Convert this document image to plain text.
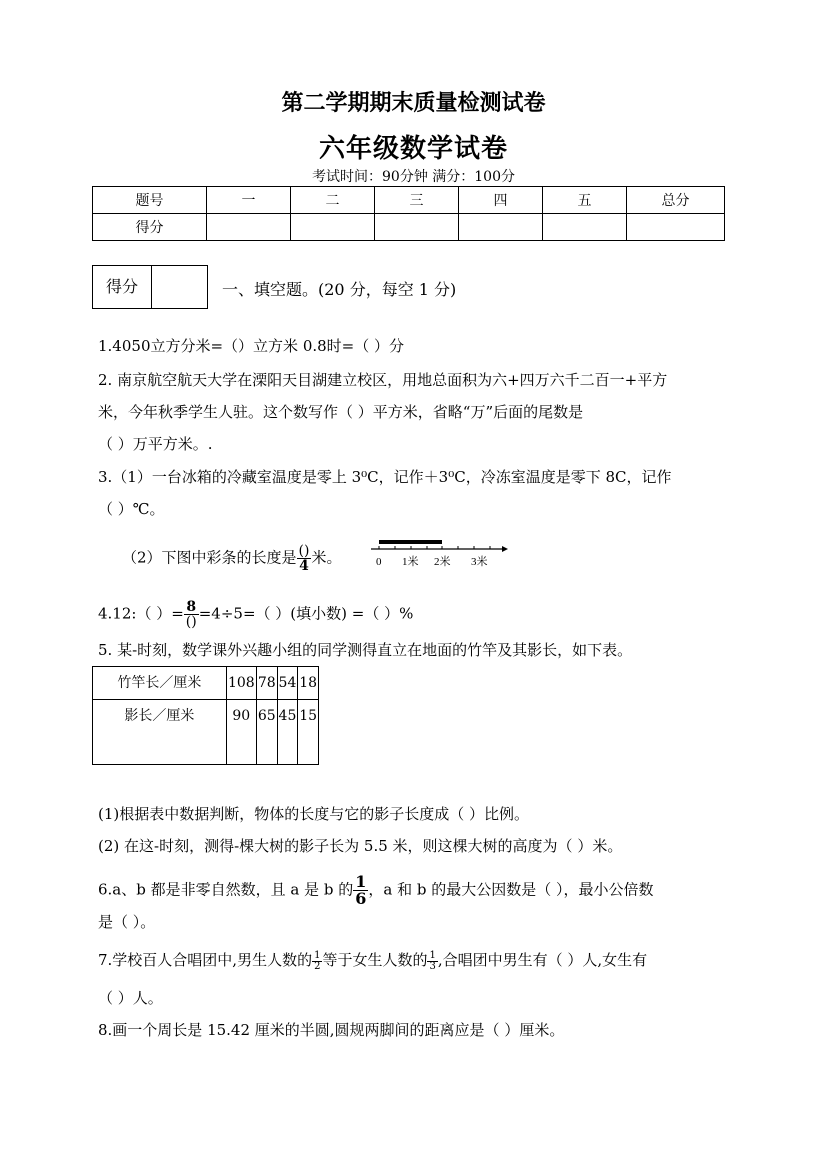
第二学期期末质量检测试卷
六年级数学试卷
考试时间：90分钟 满分：100分
题号	一	二	三	四	五	总分
得分						
得分	一、填空题。(20 分，每空 1 分)
1.4050立方分米=（）立方米 0.8时=（ ）分
2. 南京航空航天大学在溧阳天目湖建立校区，用地总面积为六+四万六千二百一+平方
米，今年秋季学生人驻。这个数写作（ ）平方米，省略“万”后面的尾数是
（ ）万平方米。.
3.（1）一台冰箱的冷藏室温度是零上 3⁰C，记作＋3⁰C，冷冻室温度是零下 8C，记作
（ ）℃。
（2）下图中彩条的长度是 $\frac{()}{4}$ 米。	0 1米 2米 3米
4.12:（ ）= $\frac{8}{()} =4\div 5=$（ ）(填小数) =（ ）%
5. 某-时刻，数学课外兴趣小组的同学测得直立在地面的竹竿及其影长，如下表。
竹竿长／厘米	108	78	54	18
影长／厘米	90	65	45	15
(1)根据表中数据判断，物体的长度与它的影子长度成（ ）比例。
(2) 在这-时刻，测得-棵大树的影子长为 5.5 米，则这棵大树的高度为（ ）米。
6.a、b 都是非零自然数，且 a 是 b 的 $\frac{1}{6}$ ，a 和 b 的最大公因数是（ ），最小公倍数
是（ ）。
7.学校百人合唱团中,男生人数的 $\frac{1}{2}$ 等于女生人数的 $\frac{1}{3}$ ,合唱团中男生有（ ）人,女生有
（ ）人。
8.画一个周长是 15.42 厘米的半圆,圆规两脚间的距离应是（ ）厘米。
